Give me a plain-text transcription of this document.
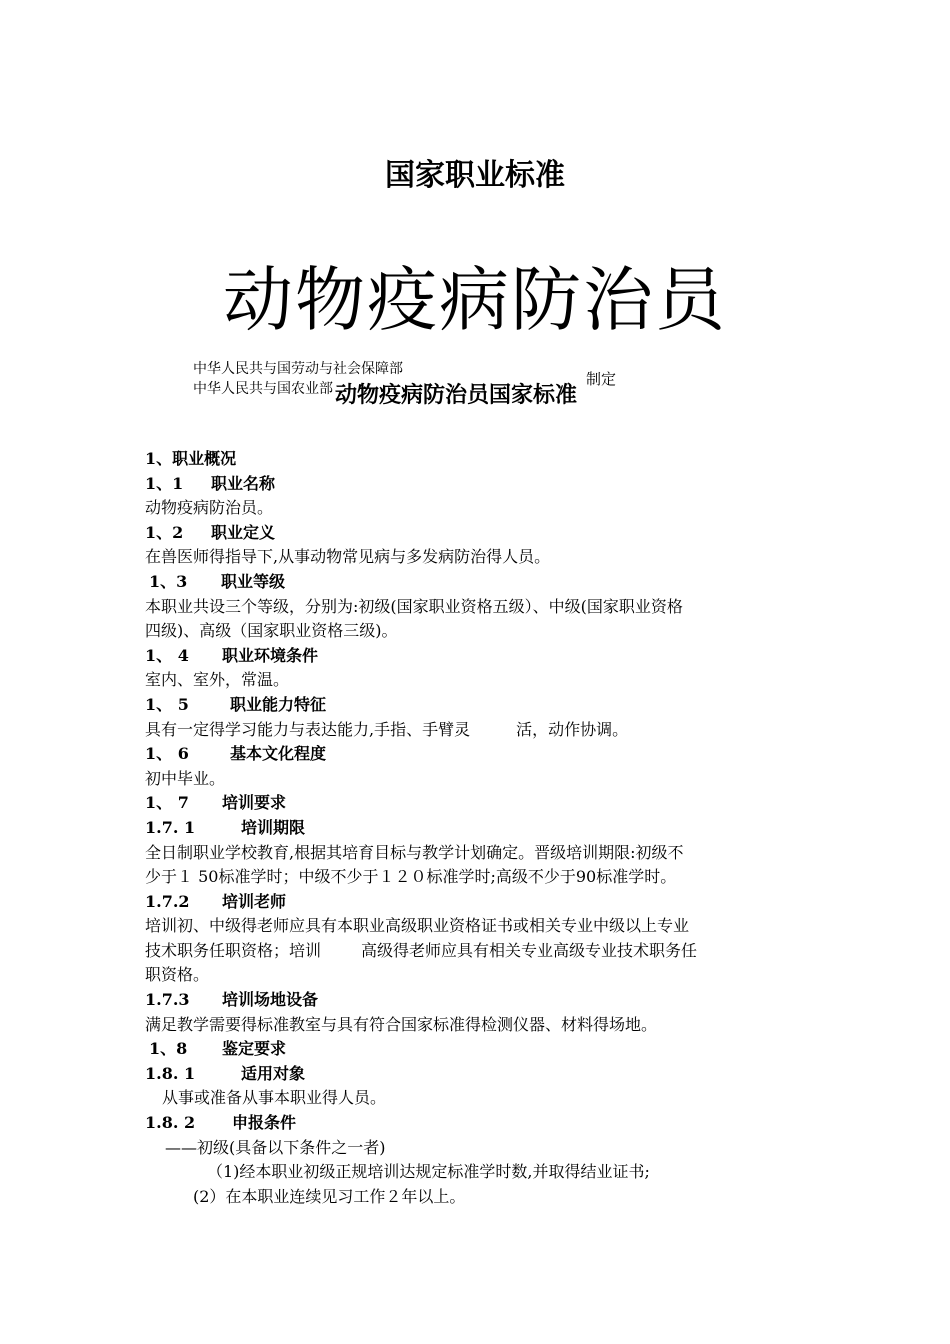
国家职业标准
动物疫病防治员
中华人民共与国劳动与社会保障部
中华人民共与国农业部
制定
动物疫病防治员国家标准
1、职业概况
1、1 职业名称
动物疫病防治员。
1、2 职业定义
在兽医师得指导下,从事动物常见病与多发病防治得人员。
1、3 职业等级
本职业共设三个等级，分别为:初级(国家职业资格五级）、中级(国家职业资格
四级)、高级（国家职业资格三级)。
1、 4 职业环境条件
室内、室外，常温。
1、 5	职业能力特征
具有一定得学习能力与表达能力,手指、手臂灵	活，动作协调。
1、 6	基本文化程度
初中毕业。
1、 7 培训要求
1.7. 1	培训期限
全日制职业学校教育,根据其培育目标与教学计划确定。晋级培训期限:初级不
少于１ 50标准学时；中级不少于１２０标准学时;高级不少于90标准学时。
1.7.2 培训老师
培训初、中级得老师应具有本职业高级职业资格证书或相关专业中级以上专业
技术职务任职资格；培训	高级得老师应具有相关专业高级专业技术职务任
职资格。
1.7.3 培训场地设备
满足教学需要得标准教室与具有符合国家标准得检测仪器、材料得场地。
1、8 鉴定要求
1.8. 1	适用对象
从事或准备从事本职业得人员。
1.8. 2 申报条件
——初级(具备以下条件之一者)
（1)经本职业初级正规培训达规定标准学时数,并取得结业证书;
(2）在本职业连续见习工作２年以上。
